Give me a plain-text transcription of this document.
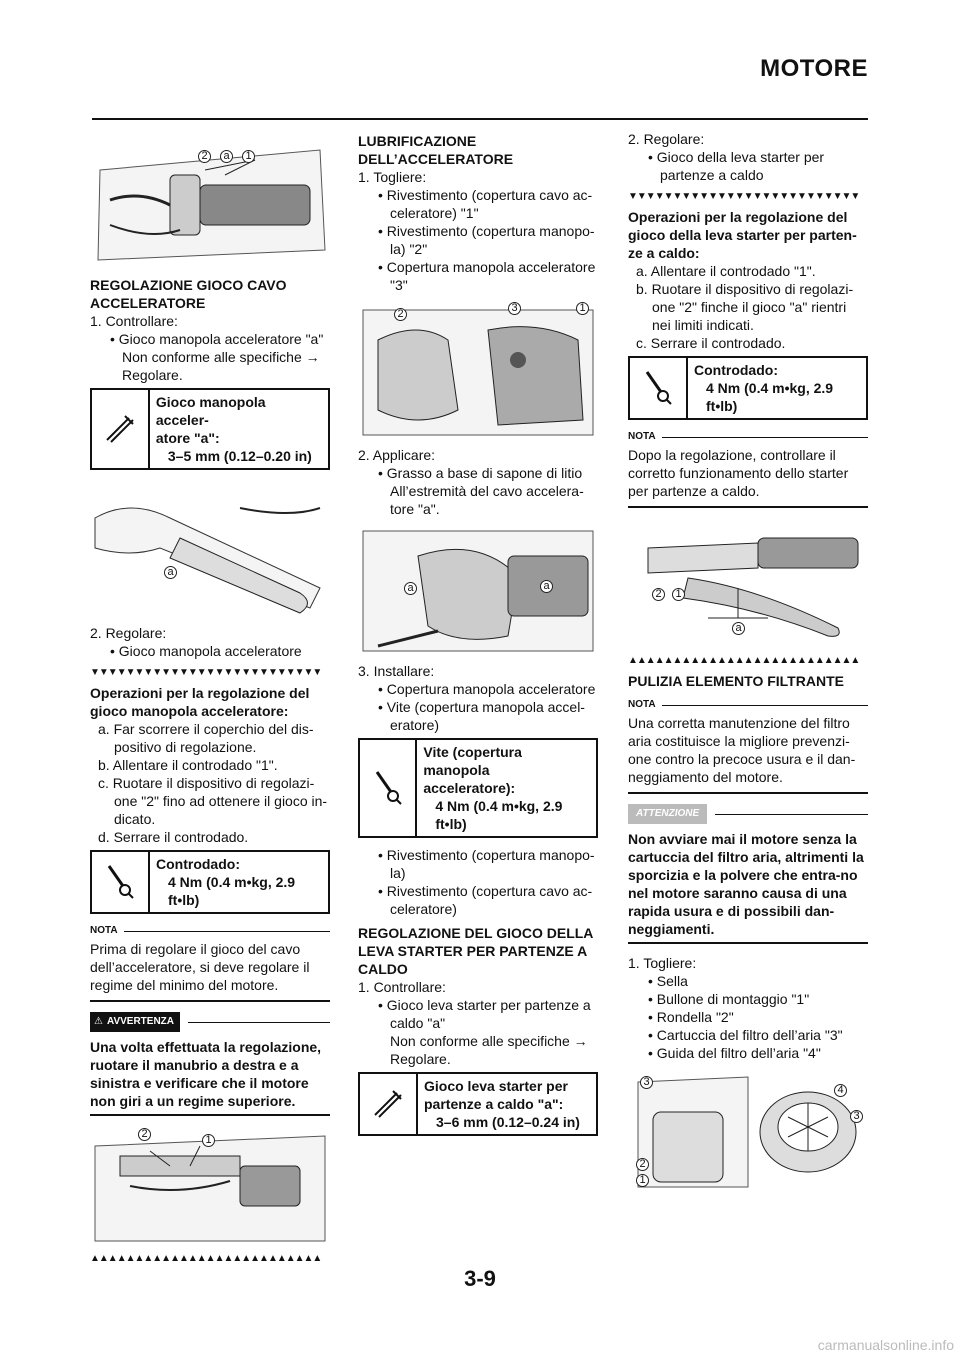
MOTORE
2	a	1
REGOLAZIONE GIOCO CAVO ACCELERATORE

1. Controllare:

• Gioco manopola acceleratore "a"

Non conforme alle specifiche →

Regolare.

Gioco manopola acceler-
atore "a":
3–5 mm (0.12–0.20 in)
a

2. Regolare:

• Gioco manopola acceleratore

▼▼▼▼▼▼▼▼▼▼▼▼▼▼▼▼▼▼▼▼▼▼▼▼▼▼

Operazioni per la regolazione del gioco manopola acceleratore:

a. Far scorrere il coperchio del dis-positivo di regolazione.

b. Allentare il controdado "1".

c. Ruotare il dispositivo di regolazi-one "2" fino ad ottenere il gioco in-dicato.

d. Serrare il controdado.

Controdado:
4 Nm (0.4 m•kg, 2.9
ft•lb)
NOTA

Prima di regolare il gioco del cavo dell’acceleratore, si deve regolare il regime del minimo del motore.

⚠ AVVERTENZA

Una volta effettuata la regolazione, ruotare il manubrio a destra e a sinistra e verificare che il motore non giri a un regime superiore.

2	1
▲▲▲▲▲▲▲▲▲▲▲▲▲▲▲▲▲▲▲▲▲▲▲▲▲▲
LUBRIFICAZIONE DELL’ACCELERATORE

1. Togliere:

• Rivestimento (copertura cavo ac-celeratore) "1"

• Rivestimento (copertura manopo-la) "2"

• Copertura manopola acceleratore "3"

2	3	1

2. Applicare:

• Grasso a base di sapone di litio

All’estremità del cavo accelera-tore "a".

a	a

3. Installare:

• Copertura manopola acceleratore

• Vite (copertura manopola accel-eratore)

Vite (copertura manopola
acceleratore):
4 Nm (0.4 m•kg, 2.9
ft•lb)

• Rivestimento (copertura manopo-la)

• Rivestimento (copertura cavo ac-celeratore)

REGOLAZIONE DEL GIOCO DELLA LEVA STARTER PER PARTENZE A CALDO

1. Controllare:

• Gioco leva starter per partenze a caldo "a"

Non conforme alle specifiche →

Regolare.

Gioco leva starter per
partenze a caldo "a":
3–6 mm (0.12–0.24 in)

2. Regolare:

• Gioco della leva starter per partenze a caldo

▼▼▼▼▼▼▼▼▼▼▼▼▼▼▼▼▼▼▼▼▼▼▼▼▼▼

Operazioni per la regolazione del gioco della leva starter per parten-ze a caldo:

a. Allentare il controdado "1".

b. Ruotare il dispositivo di regolazi-one "2" finche il gioco "a" rientri nei limiti indicati.

c. Serrare il controdado.

Controdado:
4 Nm (0.4 m•kg, 2.9
ft•lb)
NOTA

Dopo la regolazione, controllare il corretto funzionamento dello starter per partenze a caldo.

2	1
a
▲▲▲▲▲▲▲▲▲▲▲▲▲▲▲▲▲▲▲▲▲▲▲▲▲▲
PULIZIA ELEMENTO FILTRANTE
NOTA

Una corretta manutenzione del filtro aria costituisce la migliore prevenzi-one contro la precoce usura e il dan-neggiamento del motore.

ATTENZIONE

Non avviare mai il motore senza la cartuccia del filtro aria, altrimenti la sporcizia e la polvere che entra-no nel motore saranno causa di una rapida usura e di possibili dan-neggiamenti.

1. Togliere:

• Sella

• Bullone di montaggio "1"

• Rondella "2"

• Cartuccia del filtro dell’aria "3"

• Guida del filtro dell’aria "4"

3
4
3
2
1
3-9
carmanualsonline.info
